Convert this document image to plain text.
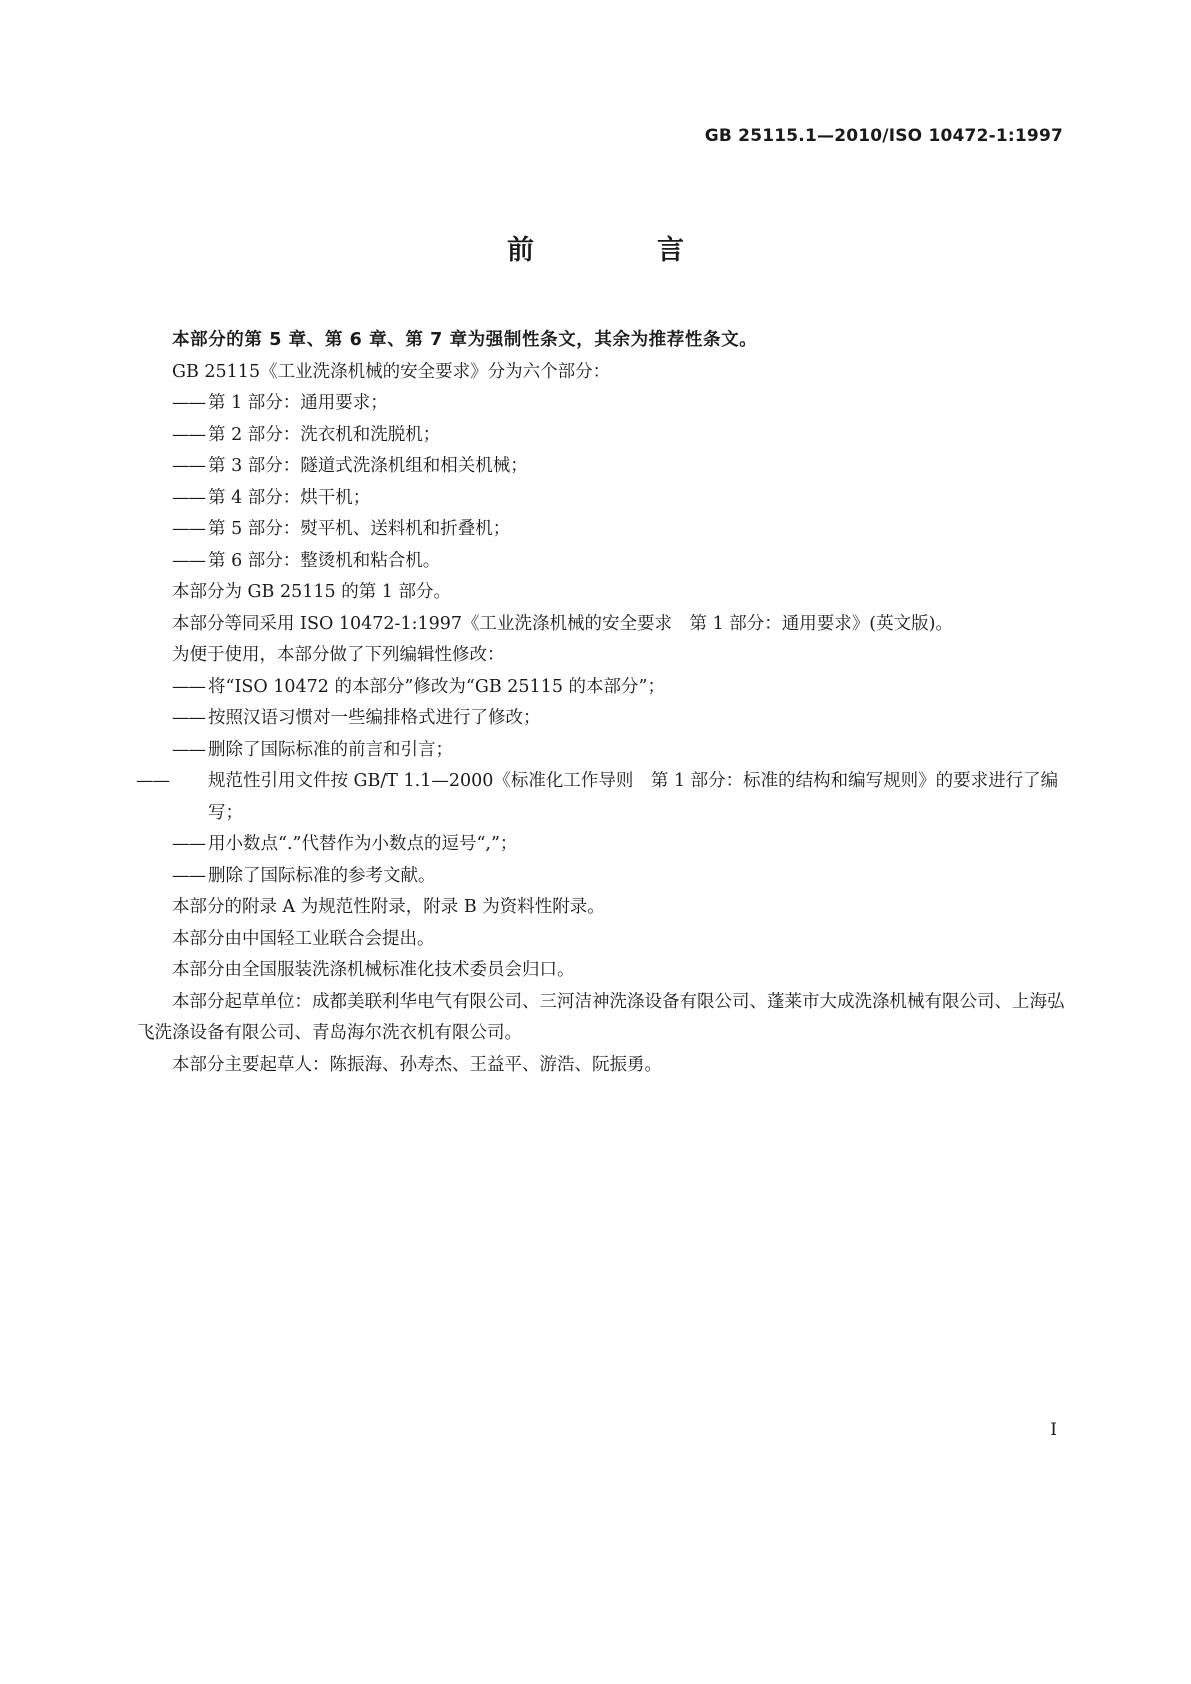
GB 25115.1—2010/ISO 10472-1:1997
前　言

本部分的第 5 章、第 6 章、第 7 章为强制性条文，其余为推荐性条文。

GB 25115《工业洗涤机械的安全要求》分为六个部分：

—— 第 1 部分：通用要求；

—— 第 2 部分：洗衣机和洗脱机；

—— 第 3 部分：隧道式洗涤机组和相关机械；

—— 第 4 部分：烘干机；

—— 第 5 部分：熨平机、送料机和折叠机；

—— 第 6 部分：整烫机和粘合机。

本部分为 GB 25115 的第 1 部分。

本部分等同采用 ISO 10472-1:1997《工业洗涤机械的安全要求　第 1 部分：通用要求》(英文版)。

为便于使用，本部分做了下列编辑性修改：

—— 将“ISO 10472 的本部分”修改为“GB 25115 的本部分”；

—— 按照汉语习惯对一些编排格式进行了修改；

—— 删除了国际标准的前言和引言；

—— 规范性引用文件按 GB/T 1.1—2000《标准化工作导则　第 1 部分：标准的结构和编写规则》的要求进行了编写；

—— 用小数点“.”代替作为小数点的逗号“,”；

—— 删除了国际标准的参考文献。

本部分的附录 A 为规范性附录，附录 B 为资料性附录。

本部分由中国轻工业联合会提出。

本部分由全国服装洗涤机械标准化技术委员会归口。

本部分起草单位：成都美联利华电气有限公司、三河洁神洗涤设备有限公司、蓬莱市大成洗涤机械有限公司、上海弘飞洗涤设备有限公司、青岛海尔洗衣机有限公司。

本部分主要起草人：陈振海、孙寿杰、王益平、游浩、阮振勇。

I
